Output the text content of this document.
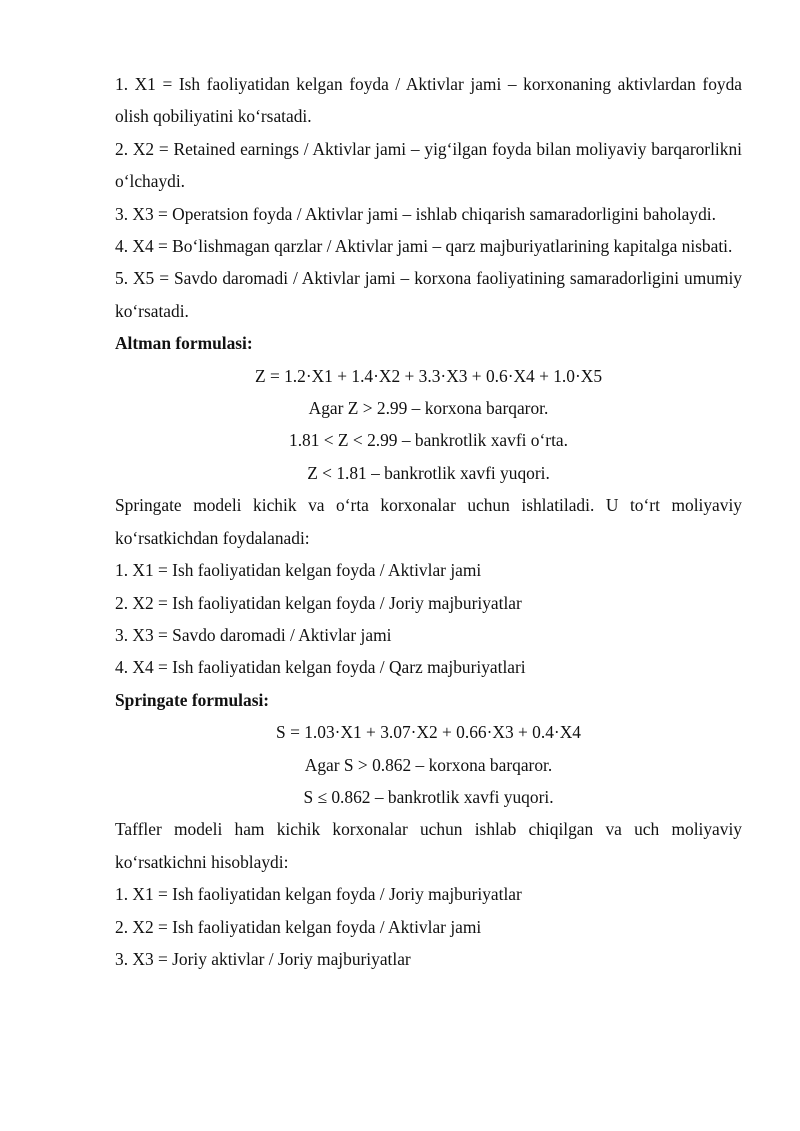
1. X1 = Ish faoliyatidan kelgan foyda / Aktivlar jami – korxonaning aktivlardan foyda olish qobiliyatini ko‘rsatadi.

2. X2 = Retained earnings / Aktivlar jami – yig‘ilgan foyda bilan moliyaviy barqarorlikni o‘lchaydi.

3. X3 = Operatsion foyda / Aktivlar jami – ishlab chiqarish samaradorligini baholaydi.

4. X4 = Bo‘lishmagan qarzlar / Aktivlar jami – qarz majburiyatlarining kapitalga nisbati.

5. X5 = Savdo daromadi / Aktivlar jami – korxona faoliyatining samaradorligini umumiy ko‘rsatadi.

Altman formulasi:

Z = 1.2·X1 + 1.4·X2 + 3.3·X3 + 0.6·X4 + 1.0·X5

Agar Z > 2.99 – korxona barqaror.

1.81 < Z < 2.99 – bankrotlik xavfi o‘rta.

Z < 1.81 – bankrotlik xavfi yuqori.

Springate modeli kichik va o‘rta korxonalar uchun ishlatiladi. U to‘rt moliyaviy ko‘rsatkichdan foydalanadi:

1. X1 = Ish faoliyatidan kelgan foyda / Aktivlar jami

2. X2 = Ish faoliyatidan kelgan foyda / Joriy majburiyatlar

3. X3 = Savdo daromadi / Aktivlar jami

4. X4 = Ish faoliyatidan kelgan foyda / Qarz majburiyatlari

Springate formulasi:

S = 1.03·X1 + 3.07·X2 + 0.66·X3 + 0.4·X4

Agar S > 0.862 – korxona barqaror.

S ≤ 0.862 – bankrotlik xavfi yuqori.

Taffler modeli ham kichik korxonalar uchun ishlab chiqilgan va uch moliyaviy ko‘rsatkichni hisoblaydi:

1. X1 = Ish faoliyatidan kelgan foyda / Joriy majburiyatlar

2. X2 = Ish faoliyatidan kelgan foyda / Aktivlar jami

3. X3 = Joriy aktivlar / Joriy majburiyatlar
